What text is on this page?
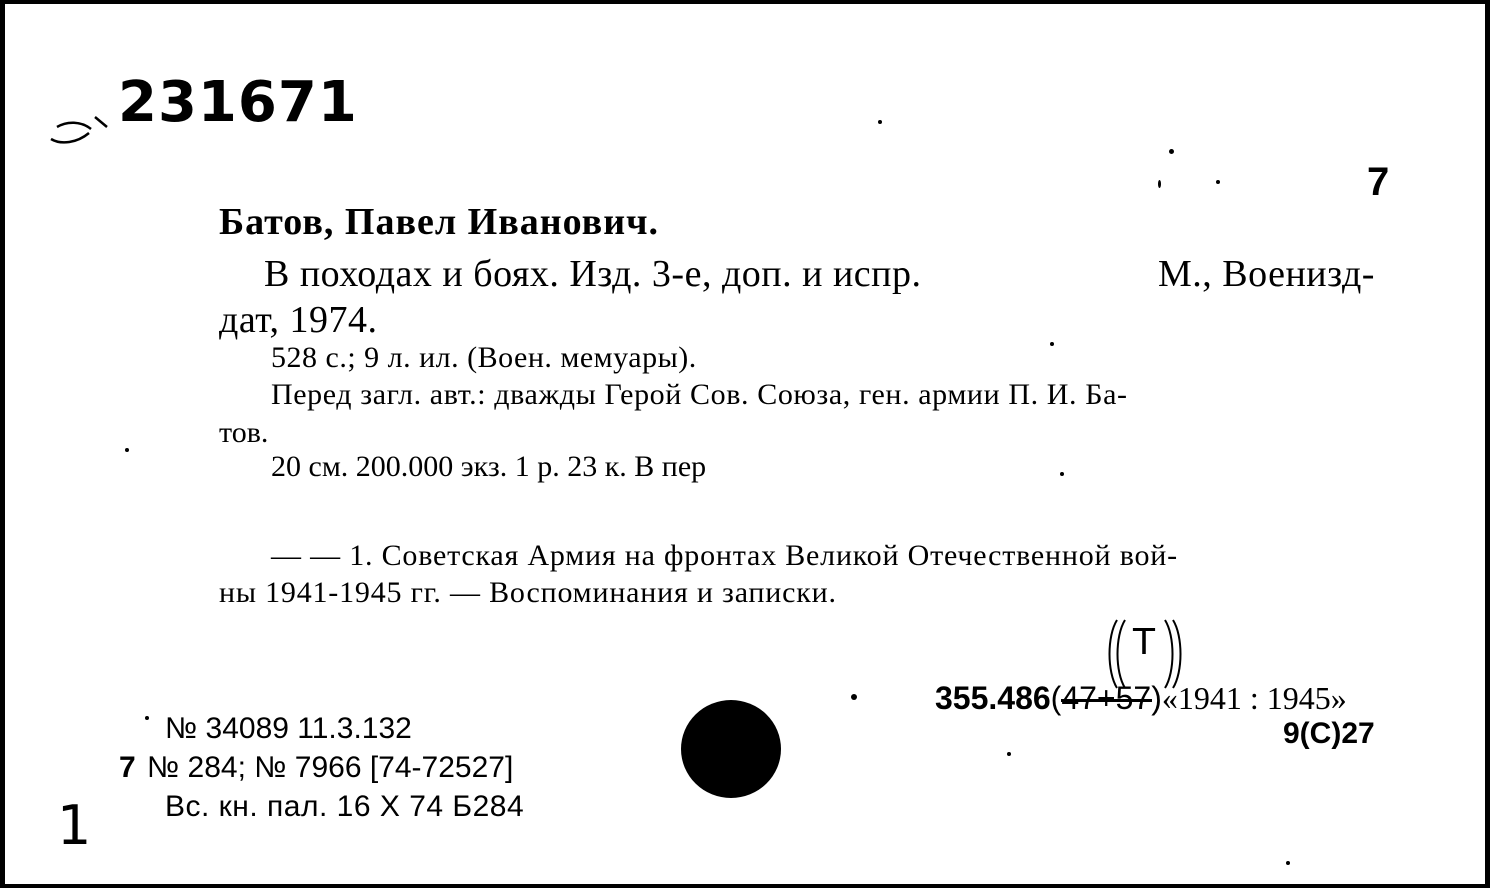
231671
7
Батов, Павел Иванович.
В походах и боях. Изд. 3-е, доп. и испр.	М., Военизд-
дат, 1974.
528 с.; 9 л. ил. (Воен. мемуары).
Перед загл. авт.: дважды Герой Сов. Союза, ген. армии П. И. Ба-
тов.
20 см. 200.000 экз. 1 р. 23 к. В пер
— — 1. Советская Армия на фронтах Великой Отечественной вой-
ны 1941-1945 гг. — Воспоминания и записки.
Т
355.486(47+57)
«1941 : 1945»
9(С)27
№ 34089 11.3.132
7 № 284; № 7966 [74-72527]
Вс. кн. пал. 16 X 74 Б284
1
